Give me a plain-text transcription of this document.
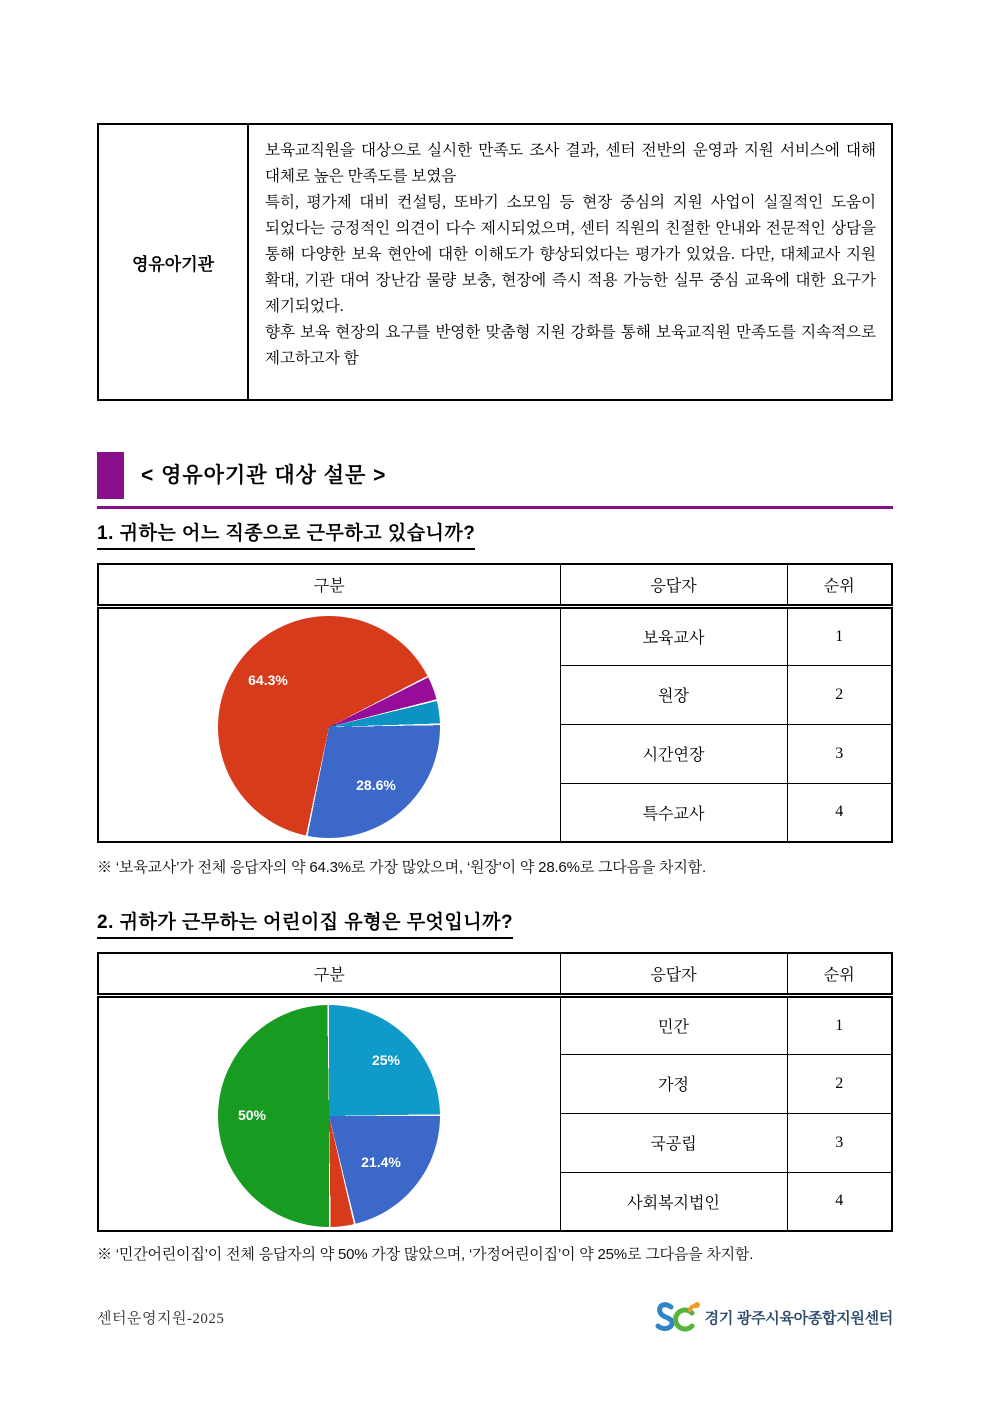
영유아기관
보육교직원을 대상으로 실시한 만족도 조사 결과, 센터 전반의 운영과 지원 서비스에 대해 대체로 높은 만족도를 보였음
특히, 평가제 대비 컨설팅, 또바기 소모임 등 현장 중심의 지원 사업이 실질적인 도움이 되었다는 긍정적인 의견이 다수 제시되었으며, 센터 직원의 친절한 안내와 전문적인 상담을 통해 다양한 보육 현안에 대한 이해도가 향상되었다는 평가가 있었음. 다만, 대체교사 지원 확대, 기관 대여 장난감 물량 보충, 현장에 즉시 적용 가능한 실무 중심 교육에 대한 요구가 제기되었다.
향후 보육 현장의 요구를 반영한 맞춤형 지원 강화를 통해 보육교직원 만족도를 지속적으로 제고하고자 함
< 영유아기관 대상 설문 >
1. 귀하는 어느 직종으로 근무하고 있습니까?
구분	응답자	순위

64.3%
28.6%	보육교사	1
	원장	2
	시간연장	3
	특수교사	4
※ ‘보육교사’가 전체 응답자의 약 64.3%로 가장 많았으며, ‘원장’이 약 28.6%로 그다음을 차지함.
2. 귀하가 근무하는 어린이집 유형은 무엇입니까?
구분	응답자	순위

25%
50%
21.4%	민간	1
	가정	2
	국공립	3
	사회복지법인	4
※ ‘민간어린이집’이 전체 응답자의 약 50% 가장 많았으며, ‘가정어린이집’이 약 25%로 그다음을 차지함.
센터운영지원-2025	경기 광주시육아종합지원센터
